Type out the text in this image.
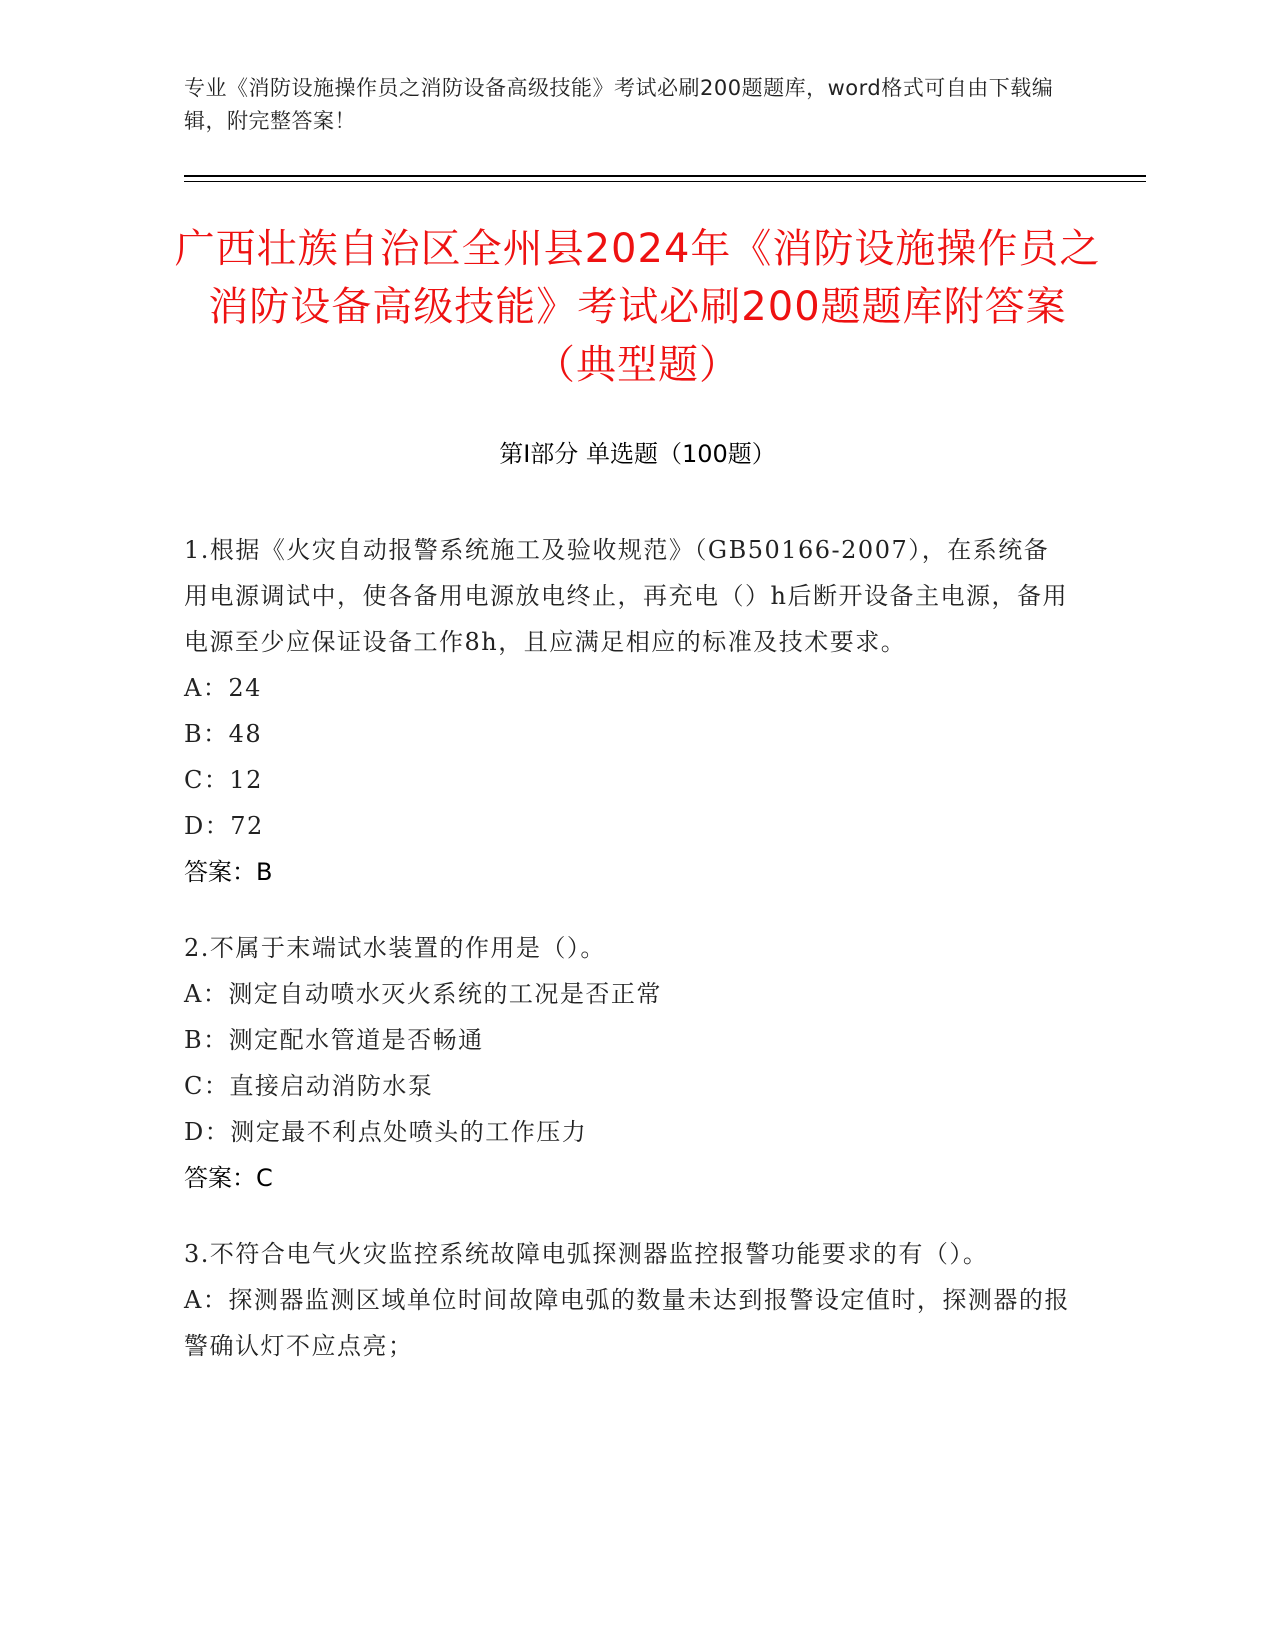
专业《消防设施操作员之消防设备高级技能》考试必刷200题题库，word格式可自由下载编辑，附完整答案！
广西壮族自治区全州县2024年《消防设施操作员之消防设备高级技能》考试必刷200题题库附答案（典型题）
第Ⅰ部分 单选题（100题）
1.根据《火灾自动报警系统施工及验收规范》（GB50166-2007），在系统备用电源调试中，使各备用电源放电终止，再充电（）h后断开设备主电源，备用电源至少应保证设备工作8h，且应满足相应的标准及技术要求。
A：24
B：48
C：12
D：72
答案：B
2.不属于末端试水装置的作用是（）。
A：测定自动喷水灭火系统的工况是否正常
B：测定配水管道是否畅通
C：直接启动消防水泵
D：测定最不利点处喷头的工作压力
答案：C
3.不符合电气火灾监控系统故障电弧探测器监控报警功能要求的有（）。
A：探测器监测区域单位时间故障电弧的数量未达到报警设定值时，探测器的报警确认灯不应点亮；
